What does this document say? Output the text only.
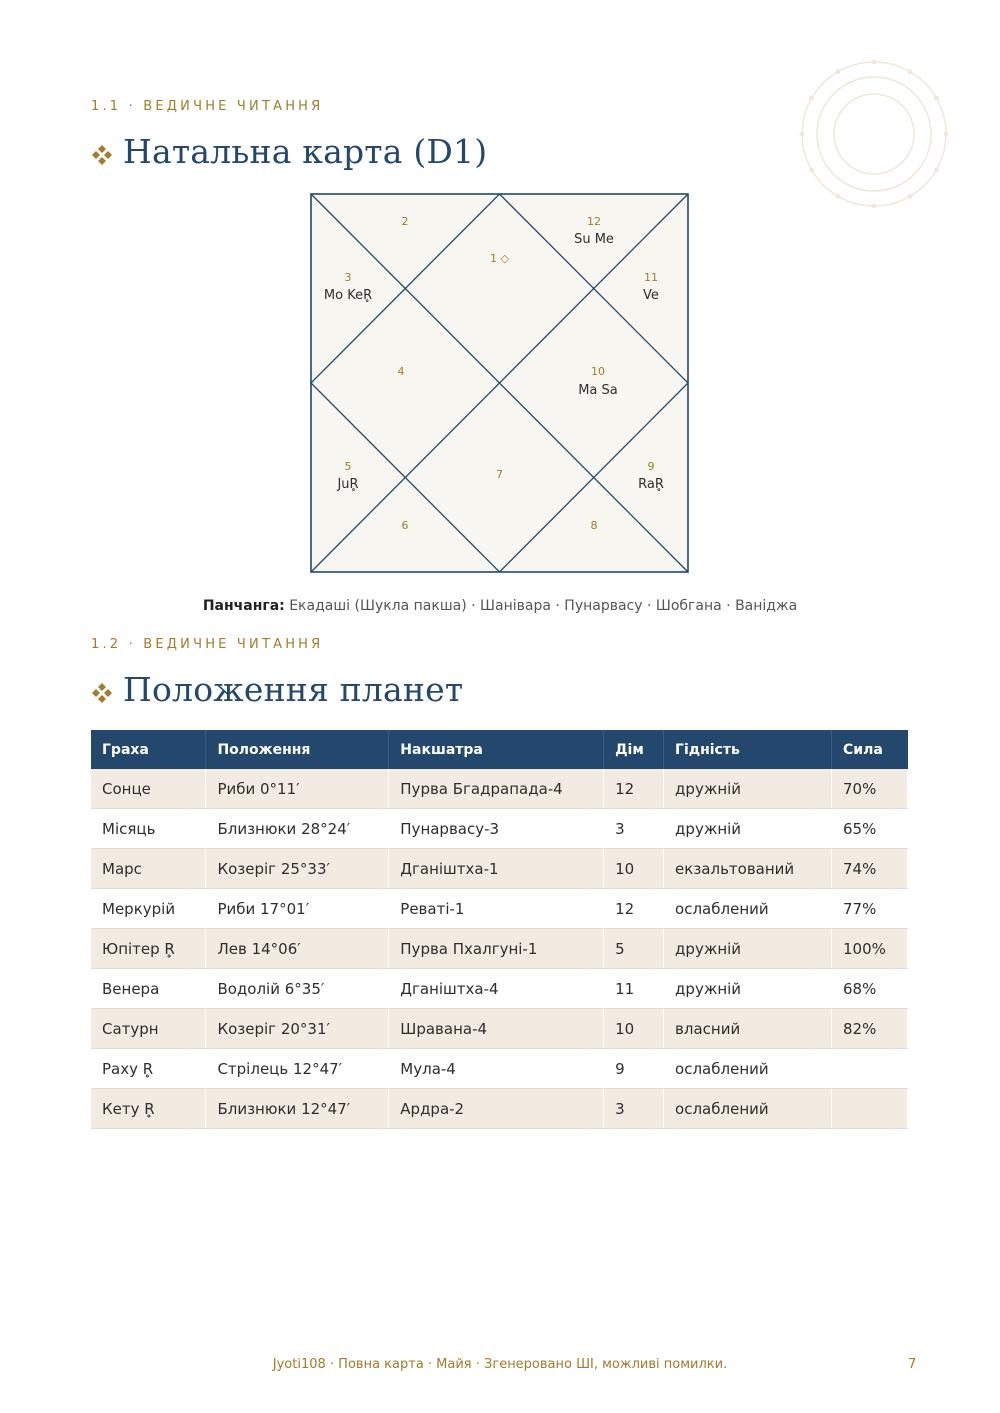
1.1 · ВЕДИЧНЕ ЧИТАННЯ
Натальна карта (D1)
1 ◇
2
3
Mo KeR̥
4
5
JuR̥
6
7
8
9
RaR̥
10
Ma Sa
11
Ve
12
Su Me
Панчанга: Екадаші (Шукла пакша) · Шанівара · Пунарвасу · Шобгана · Ваніджа
1.2 · ВЕДИЧНЕ ЧИТАННЯ
Положення планет
Граха	Положення	Накшатра	Дім	Гідність	Сила
Сонце	Риби 0°11′	Пурва Бгадрапада-4	12	дружній	70%
Місяць	Близнюки 28°24′	Пунарвасу-3	3	дружній	65%
Марс	Козеріг 25°33′	Дганіштха-1	10	екзальтований	74%
Меркурій	Риби 17°01′	Реваті-1	12	ослаблений	77%
Юпітер R̥	Лев 14°06′	Пурва Пхалгуні-1	5	дружній	100%
Венера	Водолій 6°35′	Дганіштха-4	11	дружній	68%
Сатурн	Козеріг 20°31′	Шравана-4	10	власний	82%
Раху R̥	Стрілець 12°47′	Мула-4	9	ослаблений	
Кету R̥	Близнюки 12°47′	Ардра-2	3	ослаблений	
Jyoti108 · Повна карта · Майя · Згенеровано ШІ, можливі помилки.	7
